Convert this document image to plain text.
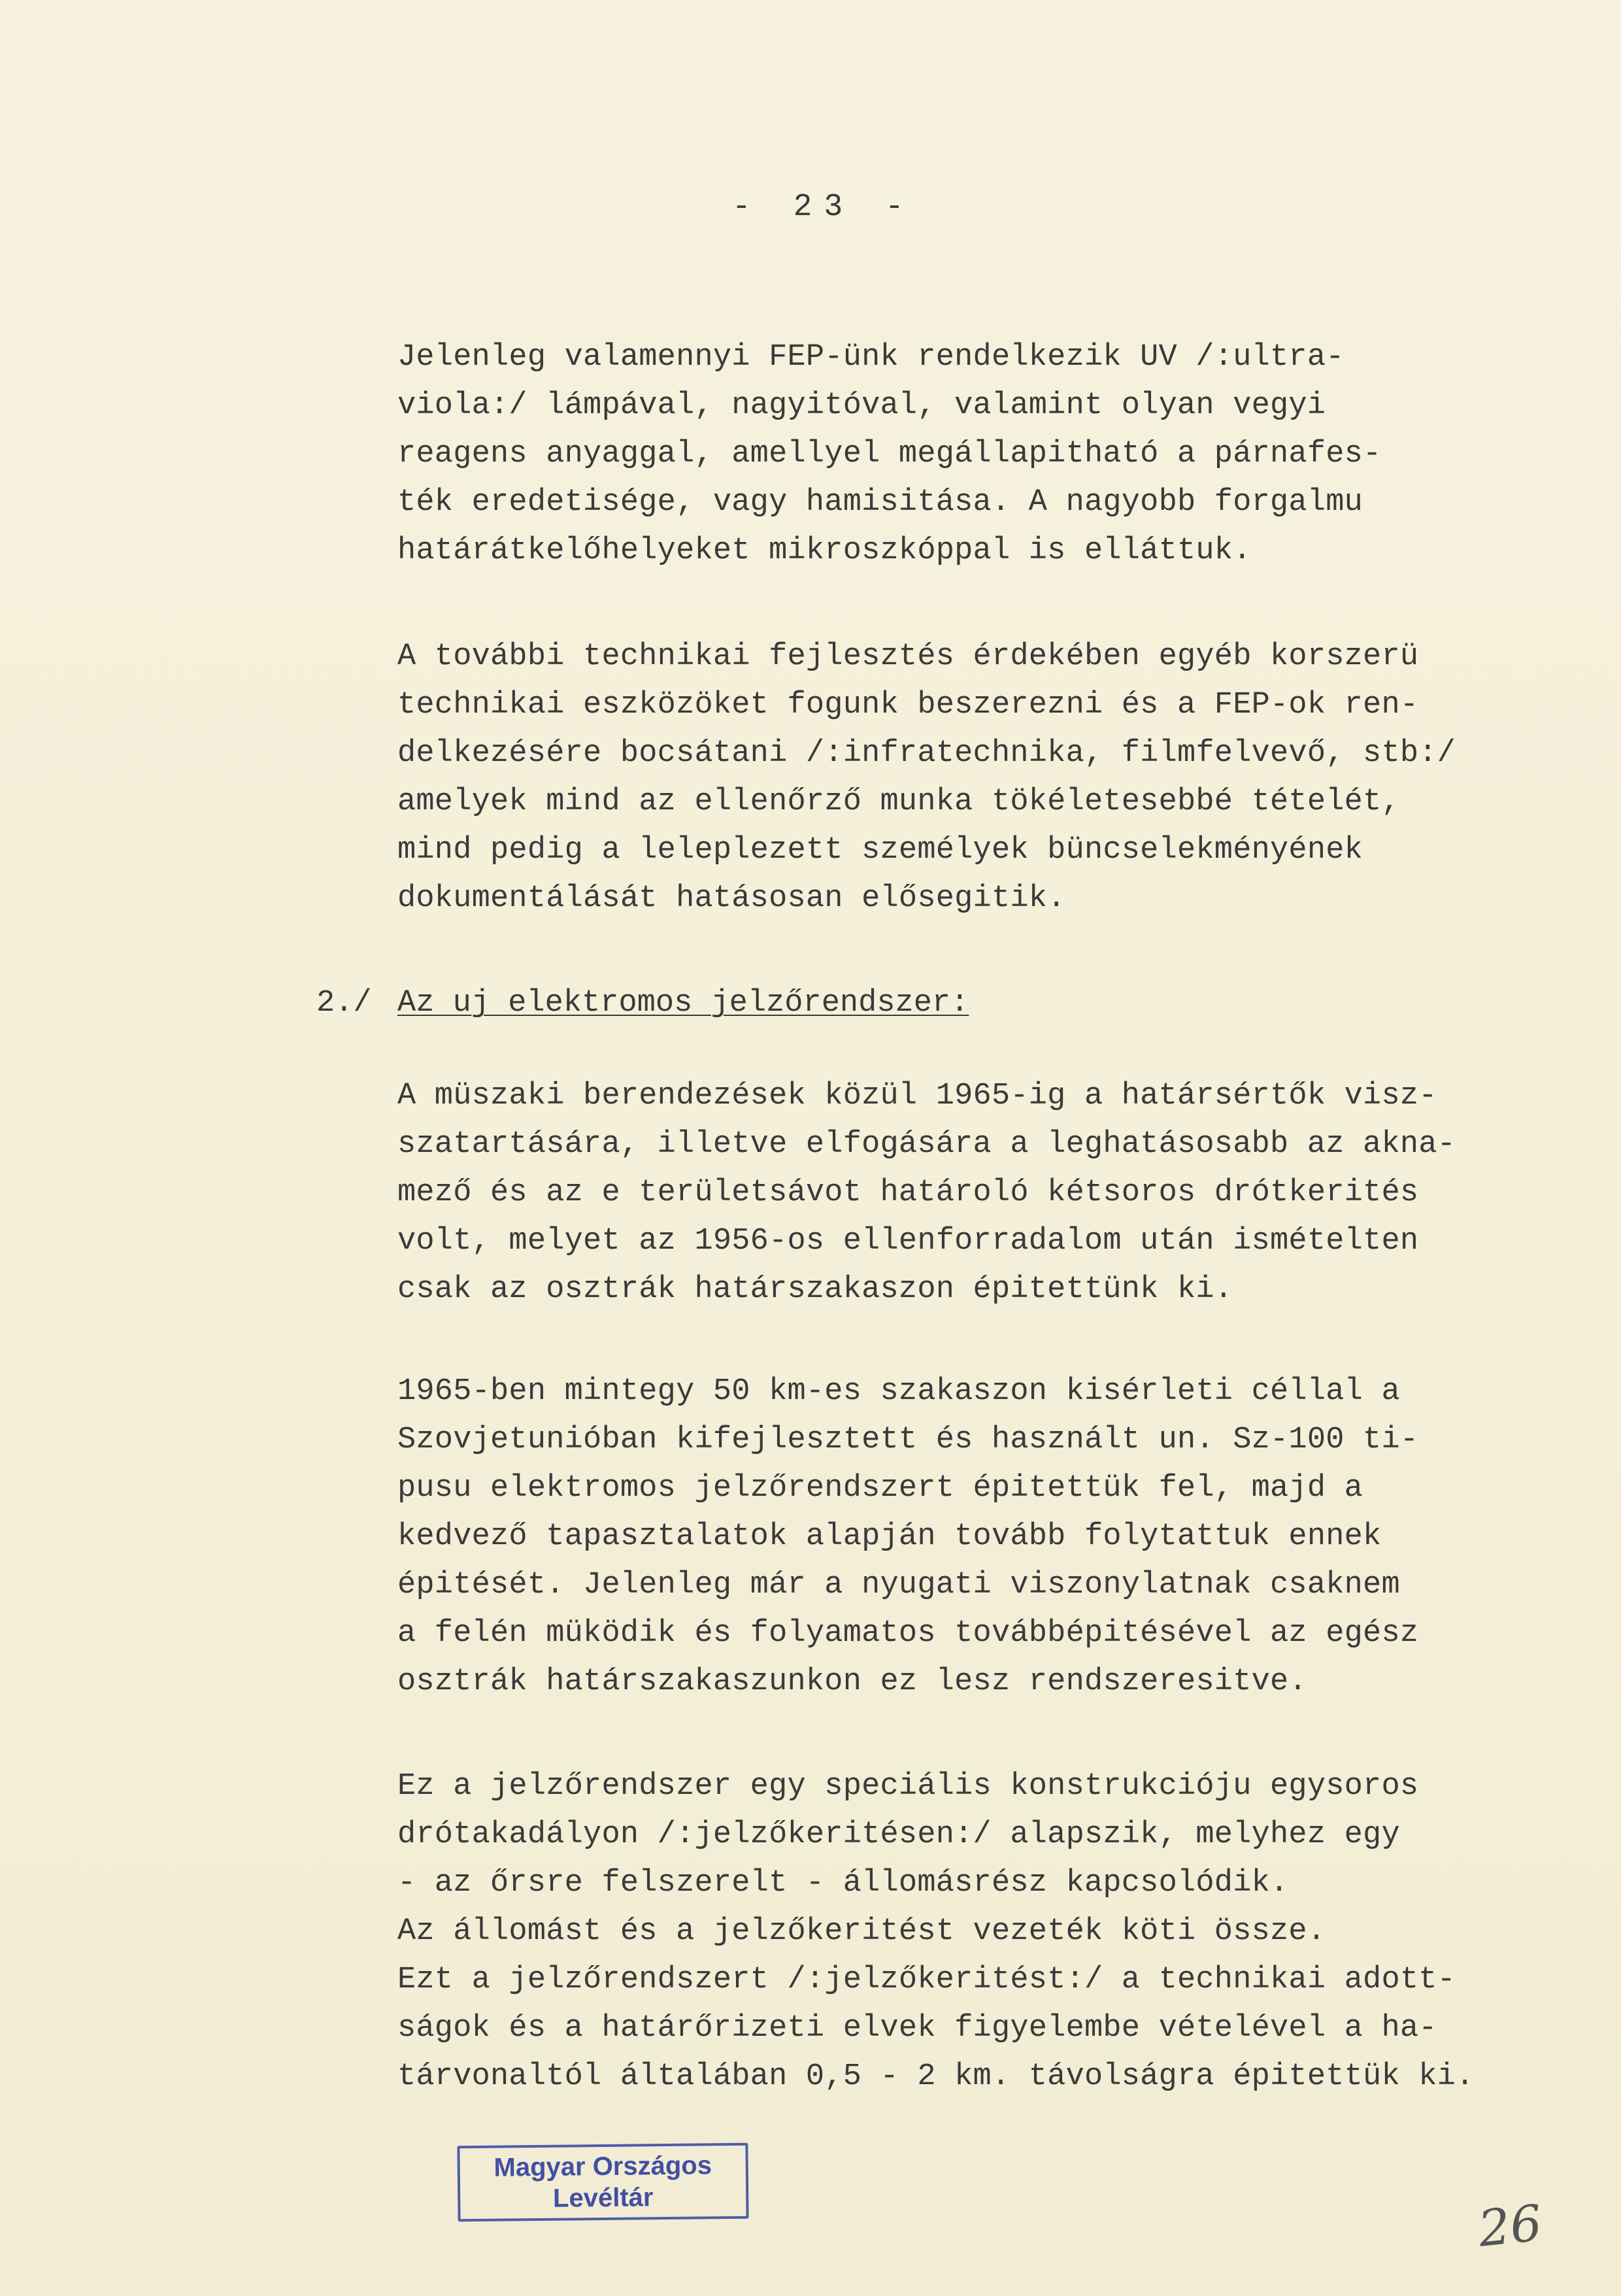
- 23 -
Jelenleg valamennyi FEP-ünk rendelkezik UV /:ultra-
viola:/ lámpával, nagyitóval, valamint olyan vegyi
reagens anyaggal, amellyel megállapitható a párnafes-
ték eredetisége, vagy hamisitása. A nagyobb forgalmu
határátkelőhelyeket mikroszkóppal is elláttuk.
A további technikai fejlesztés érdekében egyéb korszerü
technikai eszközöket fogunk beszerezni és a FEP-ok ren-
delkezésére bocsátani /:infratechnika, filmfelvevő, stb:/
amelyek mind az ellenőrző munka tökéletesebbé tételét,
mind pedig a leleplezett személyek büncselekményének
dokumentálását hatásosan elősegitik.
2./ Az uj elektromos jelzőrendszer:
A müszaki berendezések közül 1965-ig a határsértők visz-
szatartására, illetve elfogására a leghatásosabb az akna-
mező és az e területsávot határoló kétsoros drótkerités
volt, melyet az 1956-os ellenforradalom után ismételten
csak az osztrák határszakaszon épitettünk ki.
1965-ben mintegy 50 km-es szakaszon kisérleti céllal a
Szovjetunióban kifejlesztett és használt un. Sz-100 ti-
pusu elektromos jelzőrendszert épitettük fel, majd a
kedvező tapasztalatok alapján tovább folytattuk ennek
épitését. Jelenleg már a nyugati viszonylatnak csaknem
a felén müködik és folyamatos továbbépitésével az egész
osztrák határszakaszunkon ez lesz rendszeresitve.
Ez a jelzőrendszer egy speciális konstrukcióju egysoros
drótakadályon /:jelzőkeritésen:/ alapszik, melyhez egy
- az őrsre felszerelt - állomásrész kapcsolódik.
Az állomást és a jelzőkeritést vezeték köti össze.
Ezt a jelzőrendszert /:jelzőkeritést:/ a technikai adott-
ságok és a határőrizeti elvek figyelembe vételével a ha-
tárvonaltól általában 0,5 - 2 km. távolságra épitettük ki.
Magyar Országos
Levéltár	26
